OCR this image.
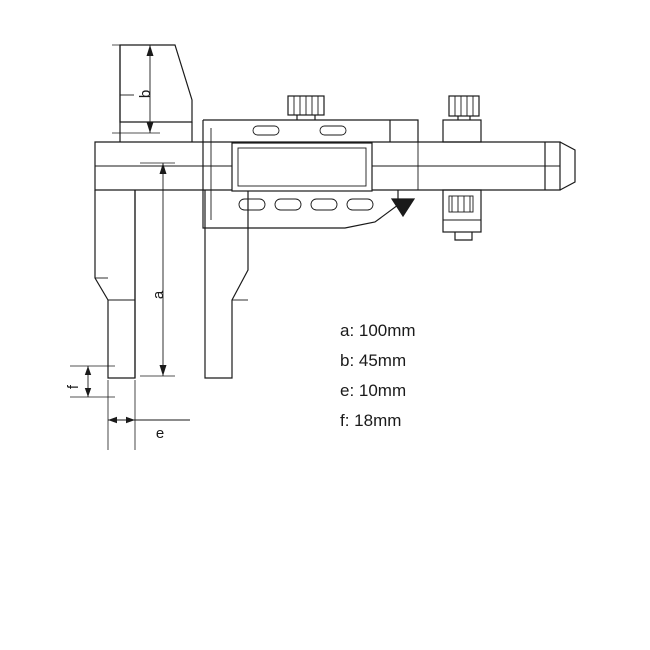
b
a
f
e
a: 100mm
b: 45mm
e: 10mm
f: 18mm
